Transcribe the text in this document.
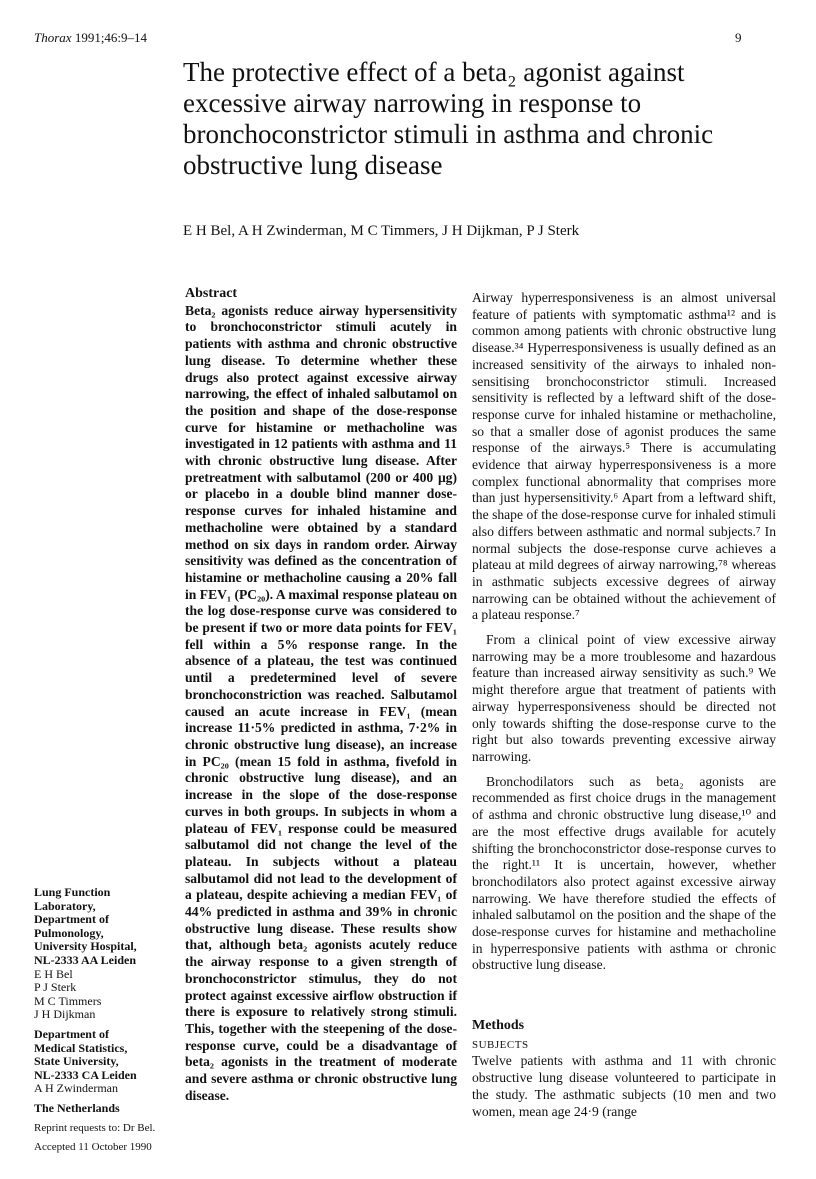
Thorax 1991;46:9–14	9
The protective effect of a beta₂ agonist against excessive airway narrowing in response to bronchoconstrictor stimuli in asthma and chronic obstructive lung disease
E H Bel, A H Zwinderman, M C Timmers, J H Dijkman, P J Sterk
Abstract
Beta₂ agonists reduce airway hypersensitivity to bronchoconstrictor stimuli acutely in patients with asthma and chronic obstructive lung disease. To determine whether these drugs also protect against excessive airway narrowing, the effect of inhaled salbutamol on the position and shape of the dose-response curve for histamine or methacholine was investigated in 12 patients with asthma and 11 with chronic obstructive lung disease. After pretreatment with salbutamol (200 or 400 μg) or placebo in a double blind manner dose-response curves for inhaled histamine and methacholine were obtained by a standard method on six days in random order. Airway sensitivity was defined as the concentration of histamine or methacholine causing a 20% fall in FEV₁ (PC₂₀). A maximal response plateau on the log dose-response curve was considered to be present if two or more data points for FEV₁ fell within a 5% response range. In the absence of a plateau, the test was continued until a predetermined level of severe bronchoconstriction was reached. Salbutamol caused an acute increase in FEV₁ (mean increase 11·5% predicted in asthma, 7·2% in chronic obstructive lung disease), an increase in PC₂₀ (mean 15 fold in asthma, fivefold in chronic obstructive lung disease), and an increase in the slope of the dose-response curves in both groups. In subjects in whom a plateau of FEV₁ response could be measured salbutamol did not change the level of the plateau. In subjects without a plateau salbutamol did not lead to the development of a plateau, despite achieving a median FEV₁ of 44% predicted in asthma and 39% in chronic obstructive lung disease. These results show that, although beta₂ agonists acutely reduce the airway response to a given strength of bronchoconstrictor stimulus, they do not protect against excessive airflow obstruction if there is exposure to relatively strong stimuli. This, together with the steepening of the dose-response curve, could be a disadvantage of beta₂ agonists in the treatment of moderate and severe asthma or chronic obstructive lung disease.

Airway hyperresponsiveness is an almost universal feature of patients with symptomatic asthma¹² and is common among patients with chronic obstructive lung disease.³⁴ Hyperresponsiveness is usually defined as an increased sensitivity of the airways to inhaled non-sensitising bronchoconstrictor stimuli. Increased sensitivity is reflected by a leftward shift of the dose-response curve for inhaled histamine or methacholine, so that a smaller dose of agonist produces the same response of the airways.⁵ There is accumulating evidence that airway hyperresponsiveness is a more complex functional abnormality that comprises more than just hypersensitivity.⁶ Apart from a leftward shift, the shape of the dose-response curve for inhaled stimuli also differs between asthmatic and normal subjects.⁷ In normal subjects the dose-response curve achieves a plateau at mild degrees of airway narrowing,⁷⁸ whereas in asthmatic subjects excessive degrees of airway narrowing can be obtained without the achievement of a plateau response.⁷

From a clinical point of view excessive airway narrowing may be a more troublesome and hazardous feature than increased airway sensitivity as such.⁹ We might therefore argue that treatment of patients with airway hyperresponsiveness should be directed not only towards shifting the dose-response curve to the right but also towards preventing excessive airway narrowing.

Bronchodilators such as beta₂ agonists are recommended as first choice drugs in the management of asthma and chronic obstructive lung disease,¹⁰ and are the most effective drugs available for acutely shifting the bronchoconstrictor dose-response curves to the right.¹¹ It is uncertain, however, whether bronchodilators also protect against excessive airway narrowing. We have therefore studied the effects of inhaled salbutamol on the position and the shape of the dose-response curves for histamine and methacholine in hyperresponsive patients with asthma or chronic obstructive lung disease.

Methods
SUBJECTS

Twelve patients with asthma and 11 with chronic obstructive lung disease volunteered to participate in the study. The asthmatic subjects (10 men and two women, mean age 24·9 (range

Lung Function
Laboratory,
Department of
Pulmonology,
University Hospital,
NL-2333 AA Leiden
E H Bel
P J Sterk
M C Timmers
J H Dijkman
Department of
Medical Statistics,
State University,
NL-2333 CA Leiden
A H Zwinderman
The Netherlands
Reprint requests to: Dr Bel.
Accepted 11 October 1990
